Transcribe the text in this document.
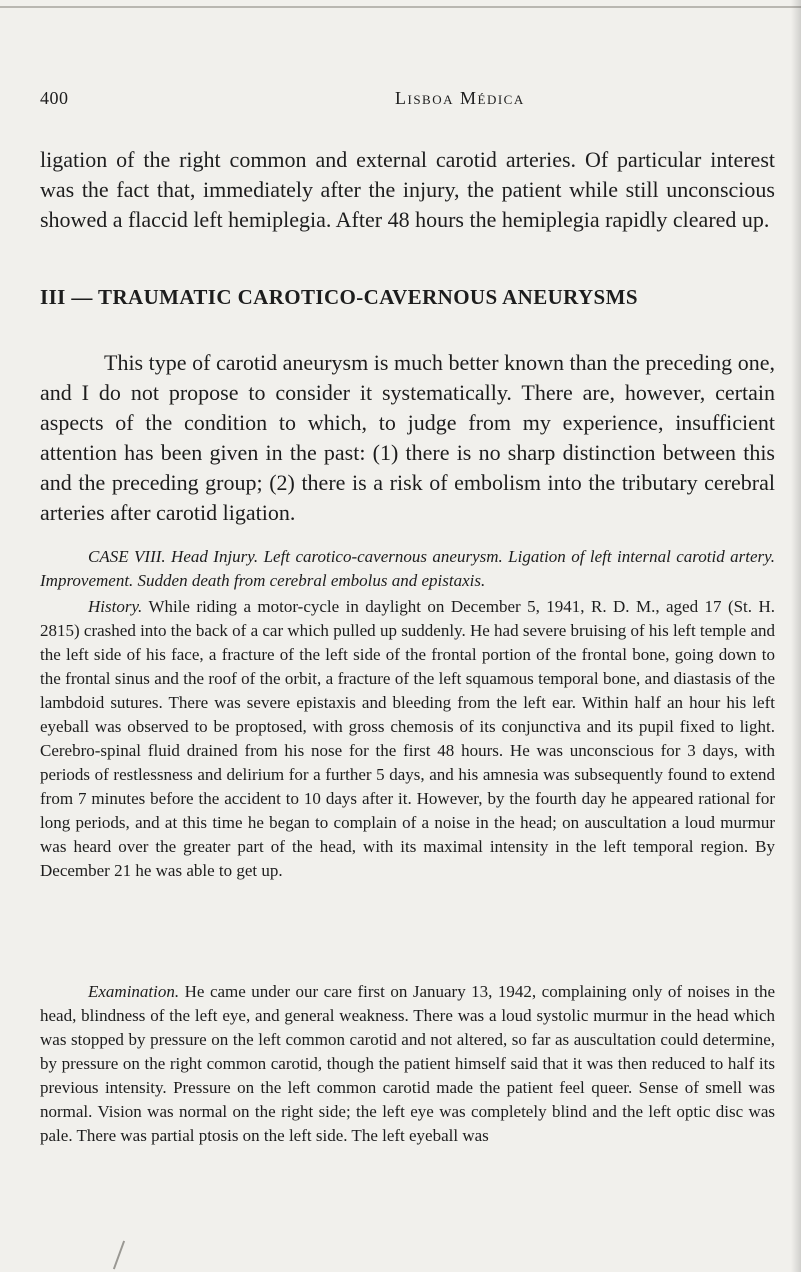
400	Lisboa Médica

ligation of the right common and external carotid arteries. Of particular interest was the fact that, immediately after the injury, the patient while still unconscious showed a flaccid left hemiplegia. After 48 hours the hemiplegia rapidly cleared up.

III — TRAUMATIC CAROTICO-CAVERNOUS ANEURYSMS

This type of carotid aneurysm is much better known than the preceding one, and I do not propose to consider it systematically. There are, however, certain aspects of the condition to which, to judge from my experience, insufficient attention has been given in the past: (1) there is no sharp distinction between this and the preceding group; (2) there is a risk of embolism into the tributary cerebral arteries after carotid ligation.

CASE VIII. Head Injury. Left carotico-cavernous aneurysm. Ligation of left internal carotid artery. Improvement. Sudden death from cerebral embolus and epistaxis.

History. While riding a motor-cycle in daylight on December 5, 1941, R. D. M., aged 17 (St. H. 2815) crashed into the back of a car which pulled up suddenly. He had severe bruising of his left temple and the left side of his face, a fracture of the left side of the frontal portion of the frontal bone, going down to the frontal sinus and the roof of the orbit, a fracture of the left squamous temporal bone, and diastasis of the lambdoid sutures. There was severe epistaxis and bleeding from the left ear. Within half an hour his left eyeball was observed to be proptosed, with gross chemosis of its conjunctiva and its pupil fixed to light. Cerebro-spinal fluid drained from his nose for the first 48 hours. He was unconscious for 3 days, with periods of restlessness and delirium for a further 5 days, and his amnesia was subsequently found to extend from 7 minutes before the accident to 10 days after it. However, by the fourth day he appeared rational for long periods, and at this time he began to complain of a noise in the head; on auscultation a loud murmur was heard over the greater part of the head, with its maximal intensity in the left temporal region. By December 21 he was able to get up.

Examination. He came under our care first on January 13, 1942, complaining only of noises in the head, blindness of the left eye, and general weakness. There was a loud systolic murmur in the head which was stopped by pressure on the left common carotid and not altered, so far as auscultation could determine, by pressure on the right common carotid, though the patient himself said that it was then reduced to half its previous intensity. Pressure on the left common carotid made the patient feel queer. Sense of smell was normal. Vision was normal on the right side; the left eye was completely blind and the left optic disc was pale. There was partial ptosis on the left side. The left eyeball was
